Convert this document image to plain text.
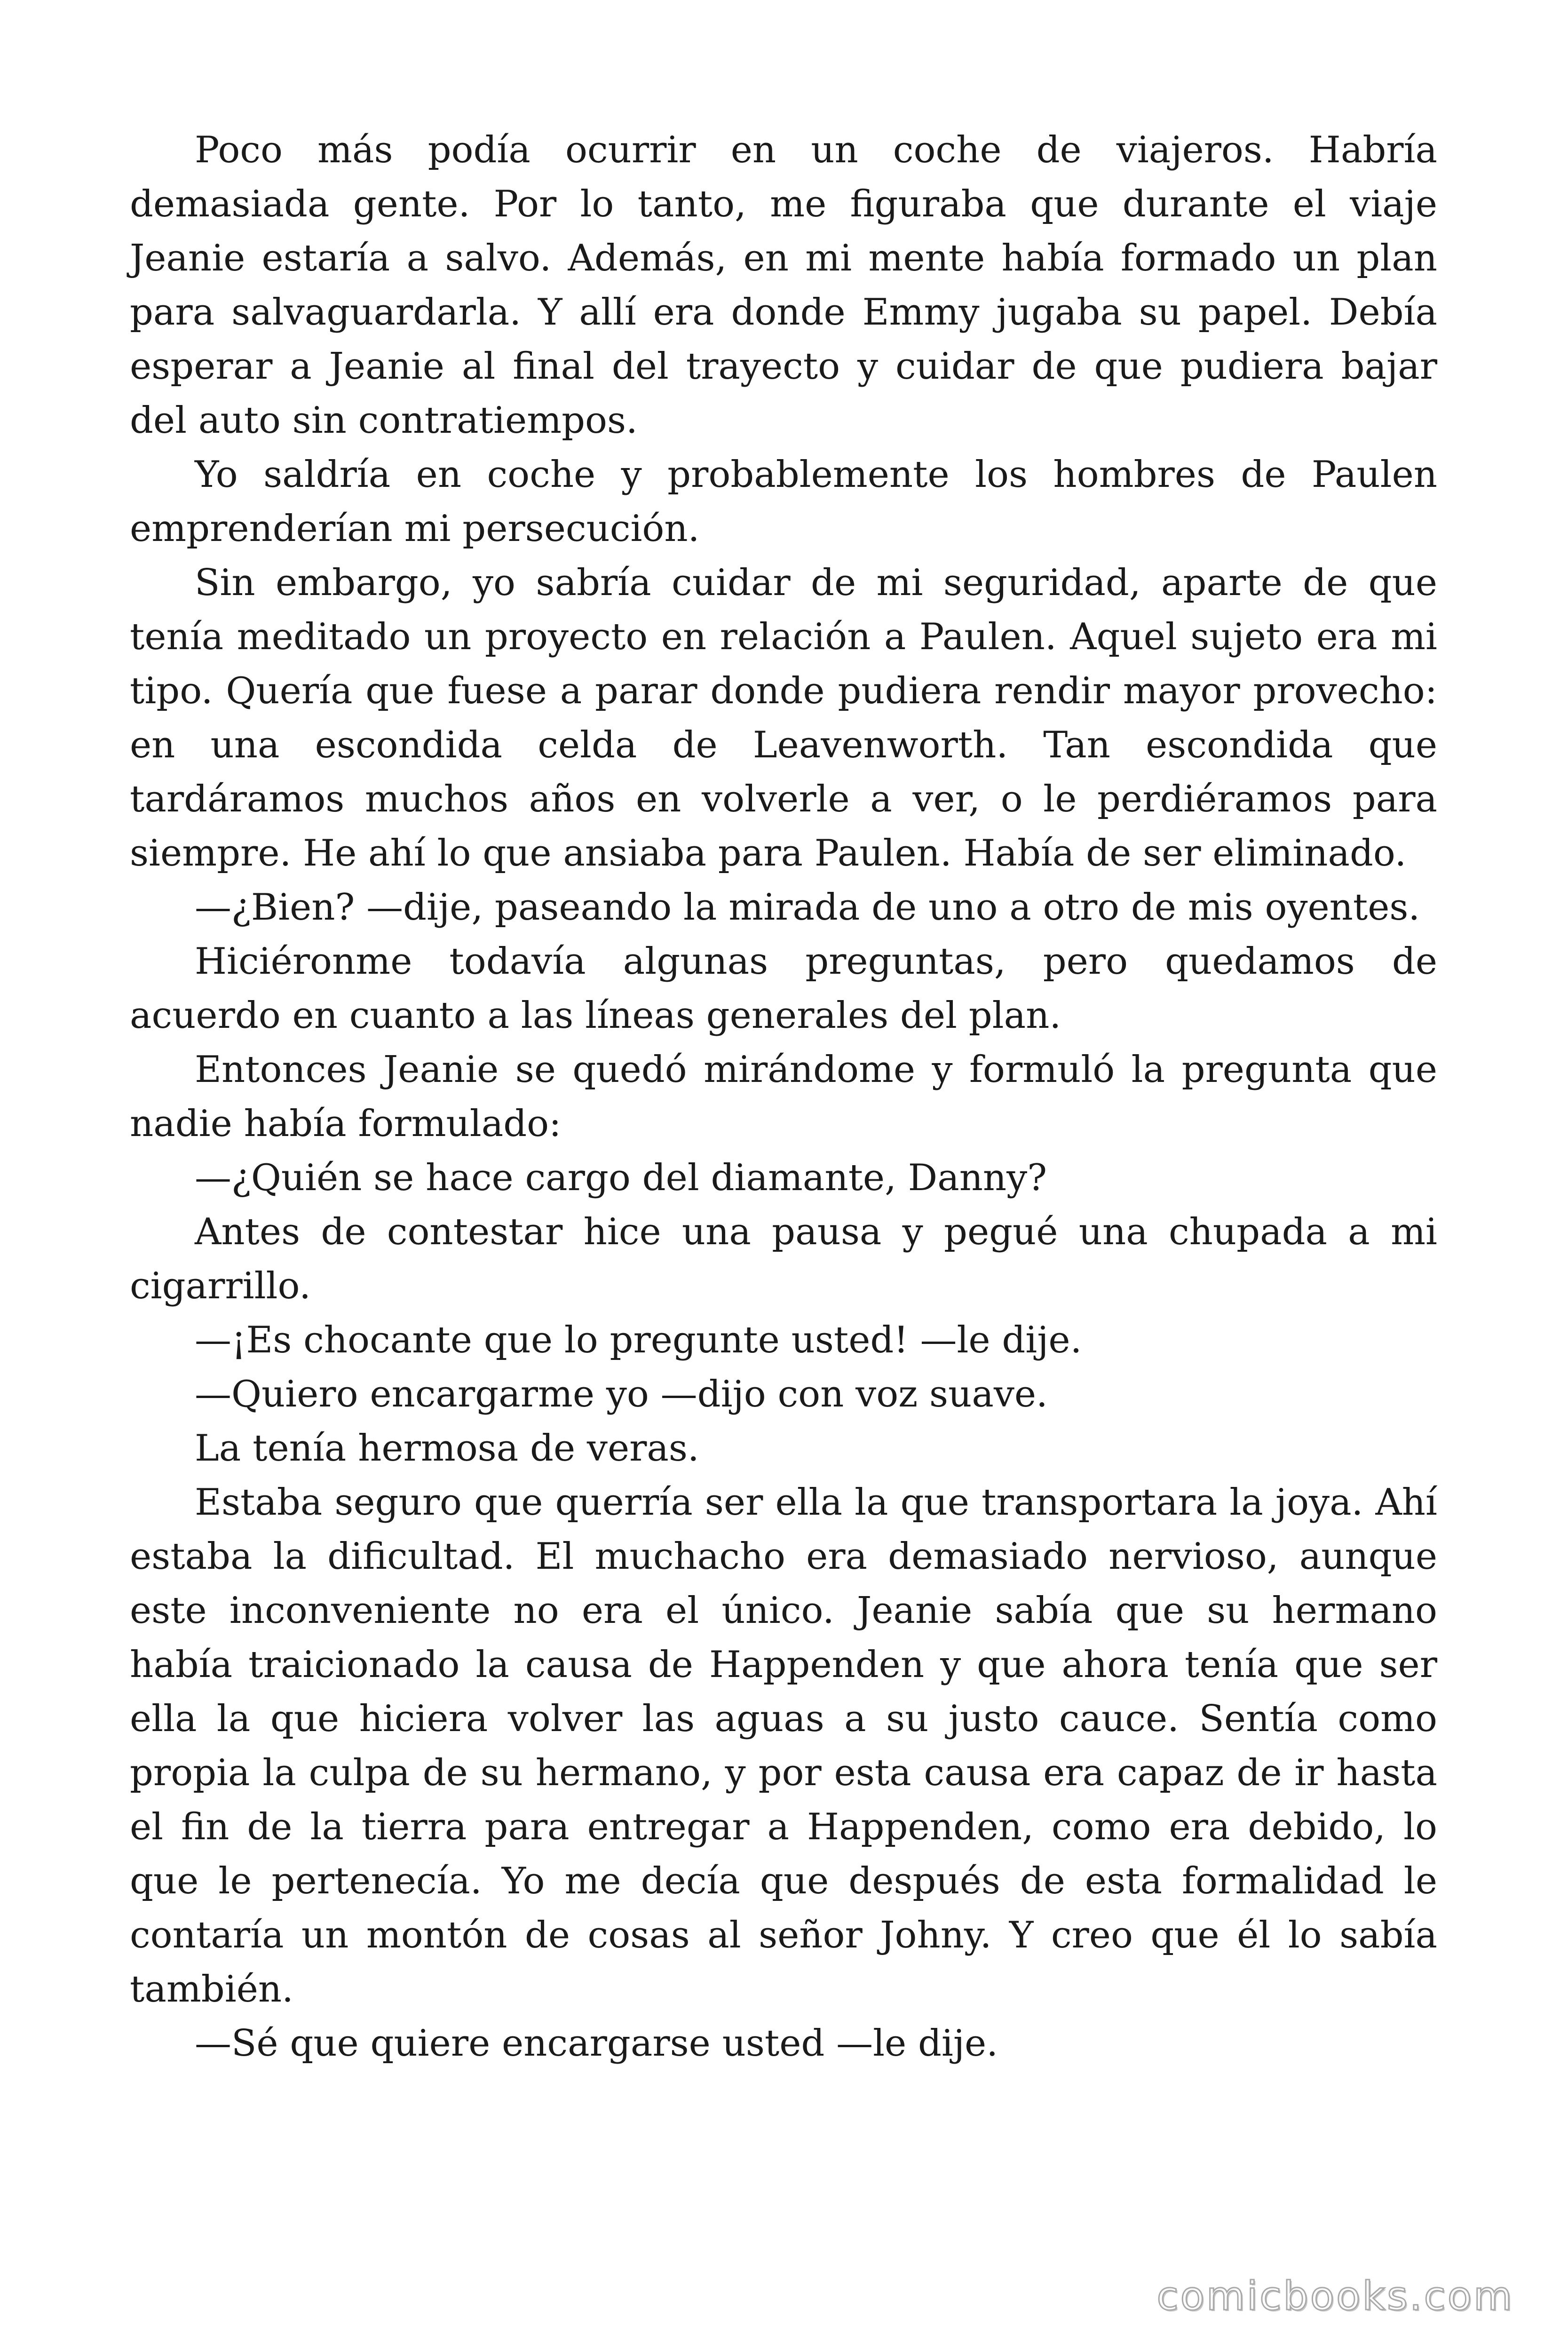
Poco más podía ocurrir en un coche de viajeros. Habría demasiada gente. Por lo tanto, me figuraba que durante el viaje Jeanie estaría a salvo. Además, en mi mente había formado un plan para salvaguardarla. Y allí era donde Emmy jugaba su papel. Debía esperar a Jeanie al final del trayecto y cuidar de que pudiera bajar del auto sin contratiempos.

Yo saldría en coche y probablemente los hombres de Paulen emprenderían mi persecución.

Sin embargo, yo sabría cuidar de mi seguridad, aparte de que tenía meditado un proyecto en relación a Paulen. Aquel sujeto era mi tipo. Quería que fuese a parar donde pudiera rendir mayor provecho: en una escondida celda de Leavenworth. Tan escondida que tardáramos muchos años en volverle a ver, o le perdiéramos para siempre. He ahí lo que ansiaba para Paulen. Había de ser eliminado.

—¿Bien? —dije, paseando la mirada de uno a otro de mis oyentes.

Hiciéronme todavía algunas preguntas, pero quedamos de acuerdo en cuanto a las líneas generales del plan.

Entonces Jeanie se quedó mirándome y formuló la pregunta que nadie había formulado:

—¿Quién se hace cargo del diamante, Danny?

Antes de contestar hice una pausa y pegué una chupada a mi cigarrillo.

—¡Es chocante que lo pregunte usted! —le dije.

—Quiero encargarme yo —dijo con voz suave.

La tenía hermosa de veras.

Estaba seguro que querría ser ella la que transportara la joya. Ahí estaba la dificultad. El muchacho era demasiado nervioso, aunque este inconveniente no era el único. Jeanie sabía que su hermano había traicionado la causa de Happenden y que ahora tenía que ser ella la que hiciera volver las aguas a su justo cauce. Sentía como propia la culpa de su hermano, y por esta causa era capaz de ir hasta el fin de la tierra para entregar a Happenden, como era debido, lo que le pertenecía. Yo me decía que después de esta formalidad le contaría un montón de cosas al señor Johny. Y creo que él lo sabía también.

—Sé que quiere encargarse usted —le dije.

comicbooks.com
